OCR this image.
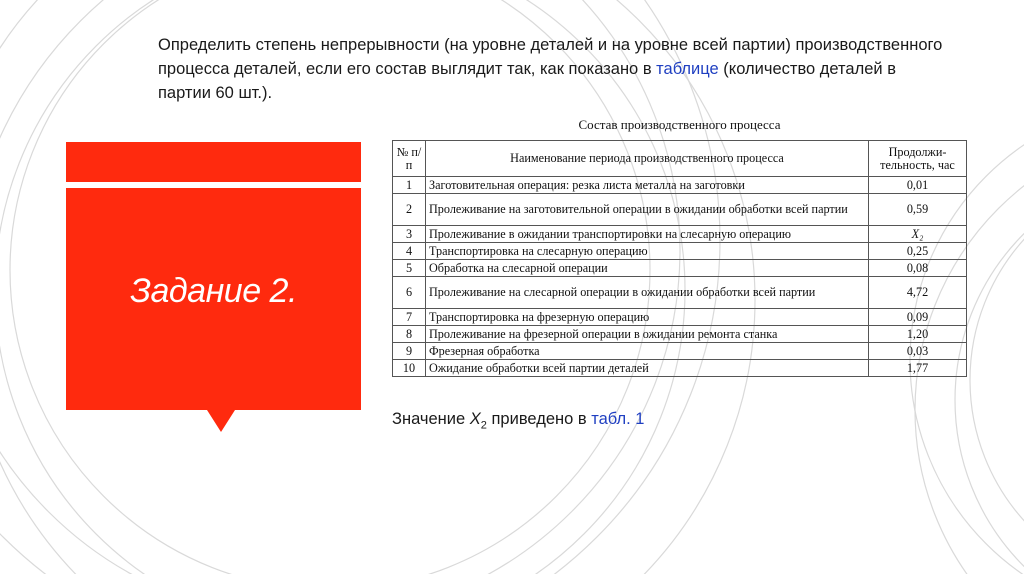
Определить степень непрерывности (на уровне деталей и на уровне всей партии) производственного процесса деталей, если его состав выглядит так, как показано в таблице (количество деталей в партии 60 шт.).
Задание 2.
Состав производственного процесса
№ п/п	Наименование периода производственного процесса	Продолжи-тельность, час
1	Заготовительная операция: резка листа металла на заготовки	0,01
2	Пролеживание на заготовительной операции в ожидании обработки всей партии	0,59
3	Пролеживание в ожидании транспортировки на слесарную операцию	X₂
4	Транспортировка на слесарную операцию	0,25
5	Обработка на слесарной операции	0,08
6	Пролеживание на слесарной операции в ожидании обработки всей партии	4,72
7	Транспортировка на фрезерную операцию	0,09
8	Пролеживание на фрезерной операции в ожидании ремонта станка	1,20
9	Фрезерная обработка	0,03
10	Ожидание обработки всей партии деталей	1,77
Значение $X_2$ приведено в табл. 1
